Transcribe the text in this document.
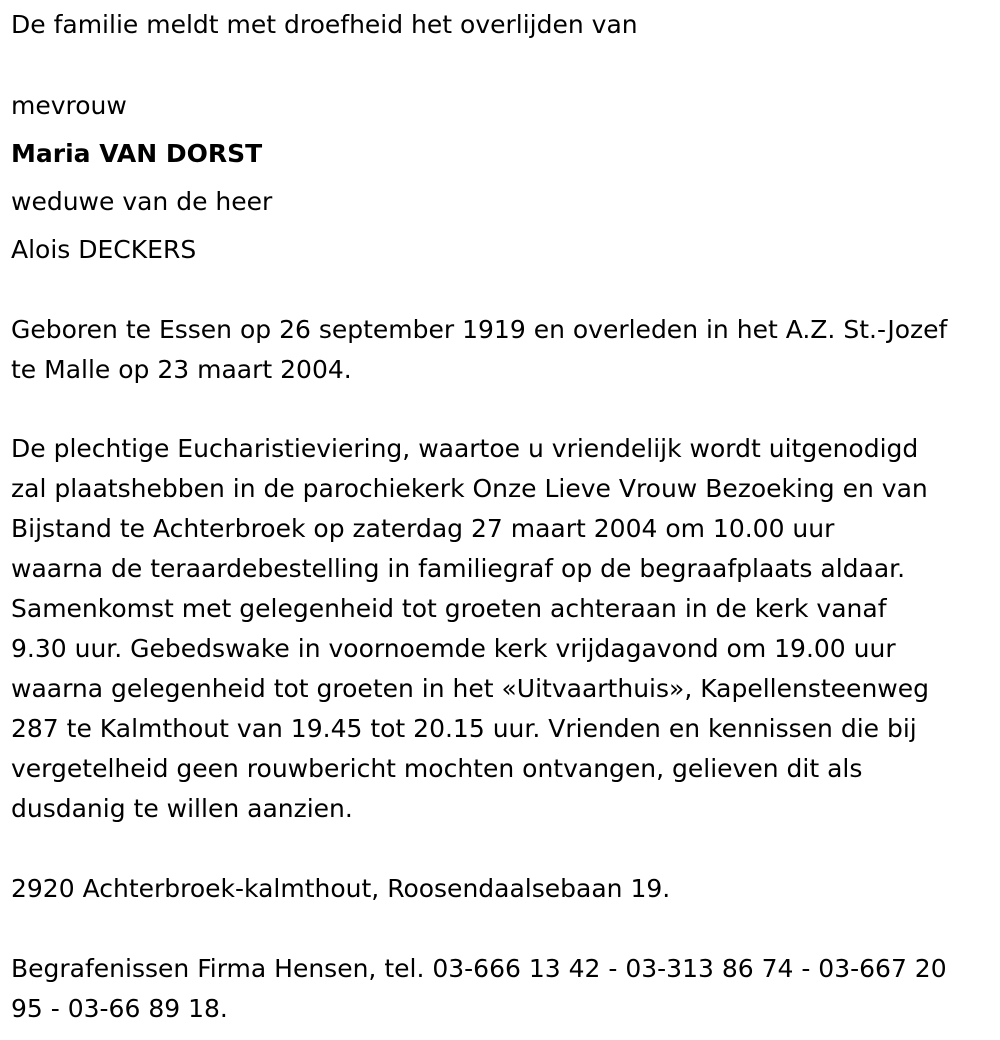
De familie meldt met droefheid het overlijden van
mevrouw
Maria VAN DORST
weduwe van de heer
Alois DECKERS
Geboren te Essen op 26 september 1919 en overleden in het A.Z. St.-Jozef
te Malle op 23 maart 2004.
De plechtige Eucharistieviering, waartoe u vriendelijk wordt uitgenodigd
zal plaatshebben in de parochiekerk Onze Lieve Vrouw Bezoeking en van
Bijstand te Achterbroek op zaterdag 27 maart 2004 om 10.00 uur
waarna de teraardebestelling in familiegraf op de begraafplaats aldaar.
Samenkomst met gelegenheid tot groeten achteraan in de kerk vanaf
9.30 uur. Gebedswake in voornoemde kerk vrijdagavond om 19.00 uur
waarna gelegenheid tot groeten in het «Uitvaarthuis», Kapellensteenweg
287 te Kalmthout van 19.45 tot 20.15 uur. Vrienden en kennissen die bij
vergetelheid geen rouwbericht mochten ontvangen, gelieven dit als
dusdanig te willen aanzien.
2920 Achterbroek-kalmthout, Roosendaalsebaan 19.
Begrafenissen Firma Hensen, tel. 03-666 13 42 - 03-313 86 74 - 03-667 20
95 - 03-66 89 18.
